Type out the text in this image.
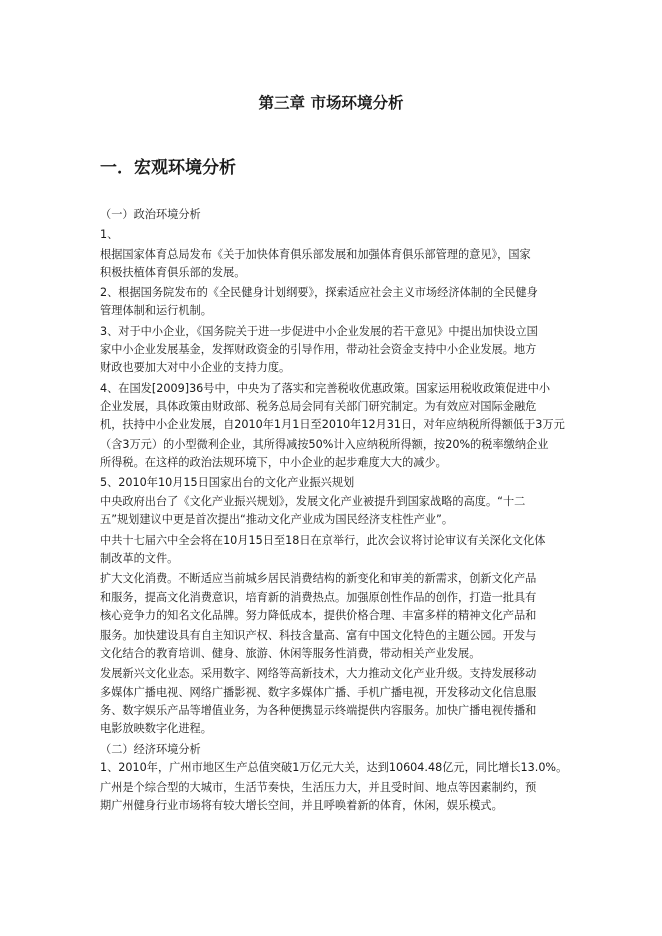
第三章 市场环境分析
一．宏观环境分析
（一）政治环境分析
1、
根据国家体育总局发布《关于加快体育俱乐部发展和加强体育俱乐部管理的意见》，国家
积极扶植体育俱乐部的发展。
2、根据国务院发布的《全民健身计划纲要》，探索适应社会主义市场经济体制的全民健身
管理体制和运行机制。
3、对于中小企业，《国务院关于进一步促进中小企业发展的若干意见》中提出加快设立国
家中小企业发展基金，发挥财政资金的引导作用，带动社会资金支持中小企业发展。地方
财政也要加大对中小企业的支持力度。
4、在国发[2009]36号中，中央为了落实和完善税收优惠政策。国家运用税收政策促进中小
企业发展，具体政策由财政部、税务总局会同有关部门研究制定。为有效应对国际金融危
机，扶持中小企业发展，自2010年1月1日至2010年12月31日，对年应纳税所得额低于3万元
（含3万元）的小型微利企业，其所得减按50%计入应纳税所得额，按20%的税率缴纳企业
所得税。在这样的政治法规环境下，中小企业的起步难度大大的减少。
5、2010年10月15日国家出台的文化产业振兴规划
中央政府出台了《文化产业振兴规划》，发展文化产业被提升到国家战略的高度。“十二
五”规划建议中更是首次提出“推动文化产业成为国民经济支柱性产业”。
中共十七届六中全会将在10月15日至18日在京举行，此次会议将讨论审议有关深化文化体
制改革的文件。
扩大文化消费。不断适应当前城乡居民消费结构的新变化和审美的新需求，创新文化产品
和服务，提高文化消费意识，培育新的消费热点。加强原创性作品的创作，打造一批具有
核心竞争力的知名文化品牌。努力降低成本，提供价格合理、丰富多样的精神文化产品和
服务。加快建设具有自主知识产权、科技含量高、富有中国文化特色的主题公园。开发与
文化结合的教育培训、健身、旅游、休闲等服务性消费，带动相关产业发展。
发展新兴文化业态。采用数字、网络等高新技术，大力推动文化产业升级。支持发展移动
多媒体广播电视、网络广播影视、数字多媒体广播、手机广播电视，开发移动文化信息服
务、数字娱乐产品等增值业务，为各种便携显示终端提供内容服务。加快广播电视传播和
电影放映数字化进程。
（二）经济环境分析
1、2010年，广州市地区生产总值突破1万亿元大关，达到10604.48亿元，同比增长13.0%。
广州是个综合型的大城市，生活节奏快，生活压力大，并且受时间、地点等因素制约，预
期广州健身行业市场将有较大增长空间，并且呼唤着新的体育，休闲，娱乐模式。
